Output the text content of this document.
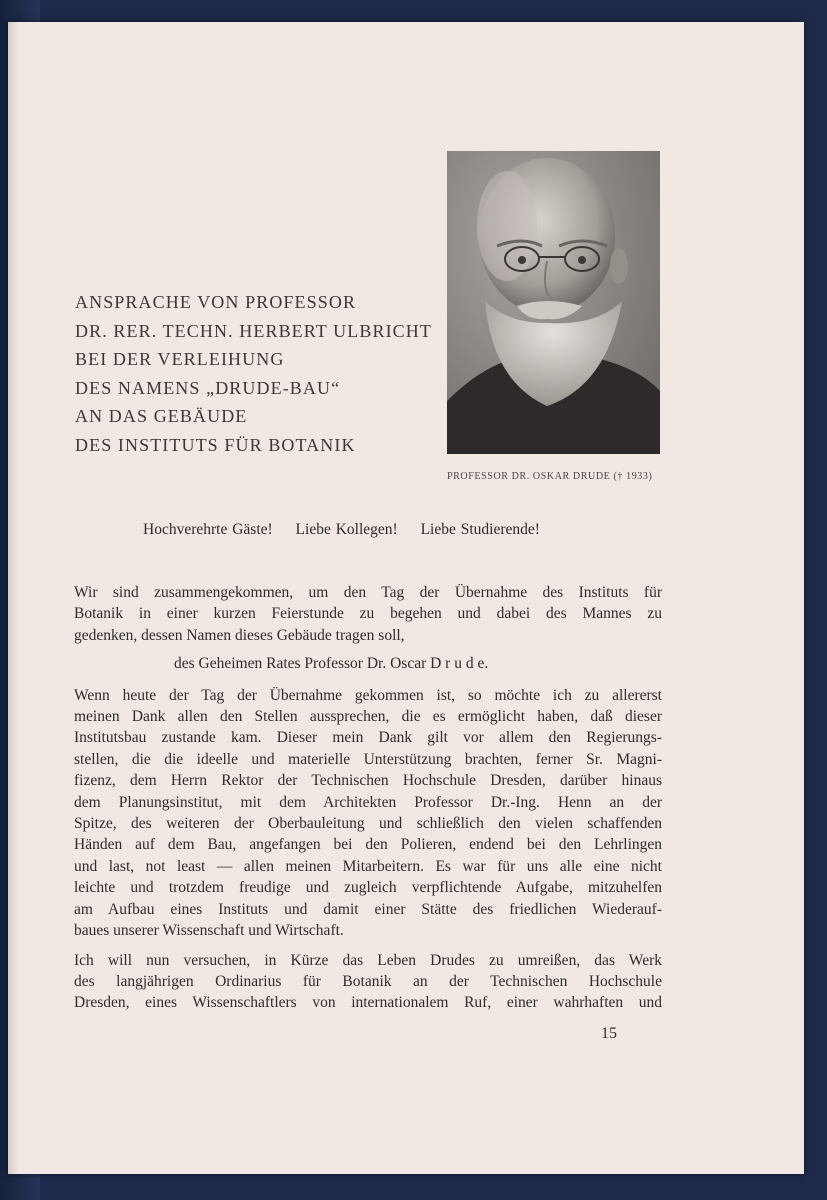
ANSPRACHE VON PROFESSOR
DR. RER. TECHN. HERBERT ULBRICHT
BEI DER VERLEIHUNG
DES NAMENS „DRUDE-BAU“
AN DAS GEBÄUDE
DES INSTITUTS FÜR BOTANIK
PROFESSOR DR. OSKAR DRUDE († 1933)
Hochverehrte Gäste! Liebe Kollegen! Liebe Studierende!
Wir sind zusammengekommen, um den Tag der Übernahme des Instituts für
Botanik in einer kurzen Feierstunde zu begehen und dabei des Mannes zu
gedenken, dessen Namen dieses Gebäude tragen soll,
des Geheimen Rates Professor Dr. Oscar D r u d e.
Wenn heute der Tag der Übernahme gekommen ist, so möchte ich zu allererst
meinen Dank allen den Stellen aussprechen, die es ermöglicht haben, daß dieser
Institutsbau zustande kam. Dieser mein Dank gilt vor allem den Regierungs-
stellen, die die ideelle und materielle Unterstützung brachten, ferner Sr. Magni-
fizenz, dem Herrn Rektor der Technischen Hochschule Dresden, darüber hinaus
dem Planungsinstitut, mit dem Architekten Professor Dr.-Ing. Henn an der
Spitze, des weiteren der Oberbauleitung und schließlich den vielen schaffenden
Händen auf dem Bau, angefangen bei den Polieren, endend bei den Lehrlingen
und last, not least — allen meinen Mitarbeitern. Es war für uns alle eine nicht
leichte und trotzdem freudige und zugleich verpflichtende Aufgabe, mitzuhelfen
am Aufbau eines Instituts und damit einer Stätte des friedlichen Wiederauf-
baues unserer Wissenschaft und Wirtschaft.
Ich will nun versuchen, in Kürze das Leben Drudes zu umreißen, das Werk
des langjährigen Ordinarius für Botanik an der Technischen Hochschule
Dresden, eines Wissenschaftlers von internationalem Ruf, einer wahrhaften und
15
